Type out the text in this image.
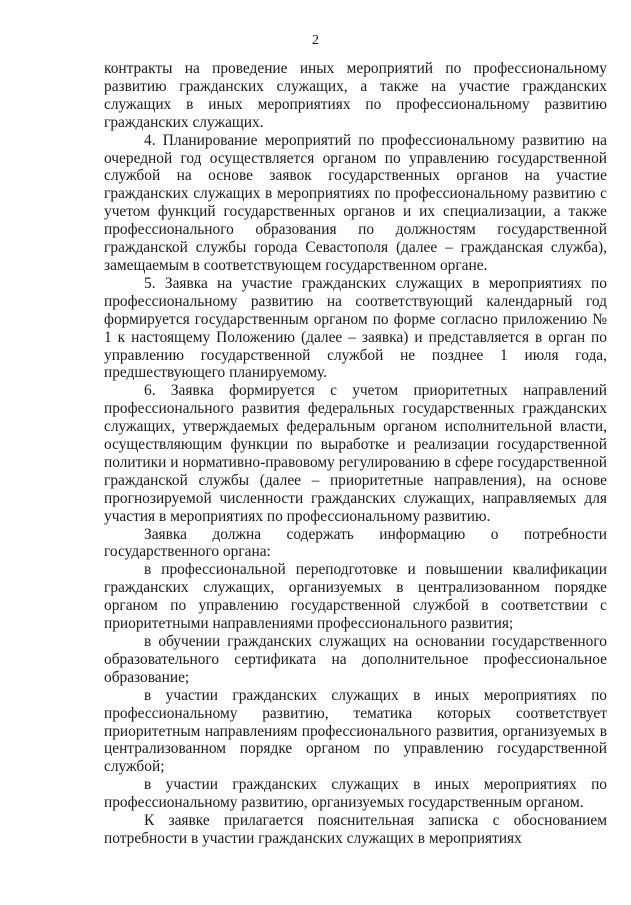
2

контракты на проведение иных мероприятий по профессиональному развитию гражданских служащих, а также на участие гражданских служащих в иных мероприятиях по профессиональному развитию гражданских служащих.

4. Планирование мероприятий по профессиональному развитию на очередной год осуществляется органом по управлению государственной службой на основе заявок государственных органов на участие гражданских служащих в мероприятиях по профессиональному развитию с учетом функций государственных органов и их специализации, а также профессионального образования по должностям государственной гражданской службы города Севастополя (далее – гражданская служба), замещаемым в соответствующем государственном органе.

5. Заявка на участие гражданских служащих в мероприятиях по профессиональному развитию на соответствующий календарный год формируется государственным органом по форме согласно приложению № 1 к настоящему Положению (далее – заявка) и представляется в орган по управлению государственной службой не позднее 1 июля года, предшествующего планируемому.

6. Заявка формируется с учетом приоритетных направлений профессионального развития федеральных государственных гражданских служащих, утверждаемых федеральным органом исполнительной власти, осуществляющим функции по выработке и реализации государственной политики и нормативно-правовому регулированию в сфере государственной гражданской службы (далее – приоритетные направления), на основе прогнозируемой численности гражданских служащих, направляемых для участия в мероприятиях по профессиональному развитию.

Заявка должна содержать информацию о потребности государственного органа:

в профессиональной переподготовке и повышении квалификации гражданских служащих, организуемых в централизованном порядке органом по управлению государственной службой в соответствии с приоритетными направлениями профессионального развития;

в обучении гражданских служащих на основании государственного образовательного сертификата на дополнительное профессиональное образование;

в участии гражданских служащих в иных мероприятиях по профессиональному развитию, тематика которых соответствует приоритетным направлениям профессионального развития, организуемых в централизованном порядке органом по управлению государственной службой;

в участии гражданских служащих в иных мероприятиях по профессиональному развитию, организуемых государственным органом.

К заявке прилагается пояснительная записка с обоснованием потребности в участии гражданских служащих в мероприятиях
